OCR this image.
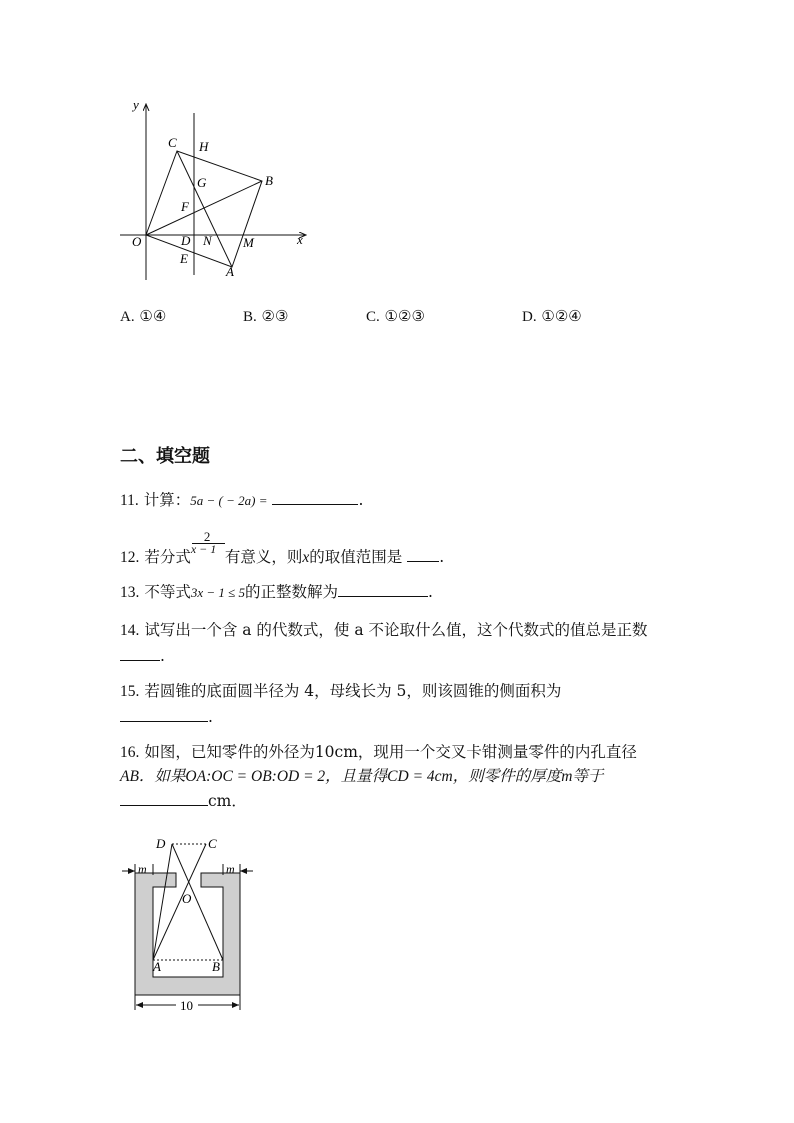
y
x
O
C H
G	B
F
D N M
E
A
A. ①④	B. ②③	C. ①②③	D. ①②④
二、填空题
11. 计算：5a − ( − 2a) =	.
12. 若分式
2
x − 1 有意义，则x的取值范围是 .
13. 不等式3x − 1 ≤ 5的正整数解为	.
14. 试写出一个含 a 的代数式，使 a 不论取什么值，这个代数式的值总是正数
.
15. 若圆锥的底面圆半径为 4，母线长为 5，则该圆锥的侧面积为
.
16. 如图，已知零件的外径为10cm，现用一个交叉卡钳测量零件的内孔直径
AB．如果OA:OC = OB:OD = 2，且量得CD = 4cm，则零件的厚度m等于
cm．
D	C
m	m
O
A	B
10
